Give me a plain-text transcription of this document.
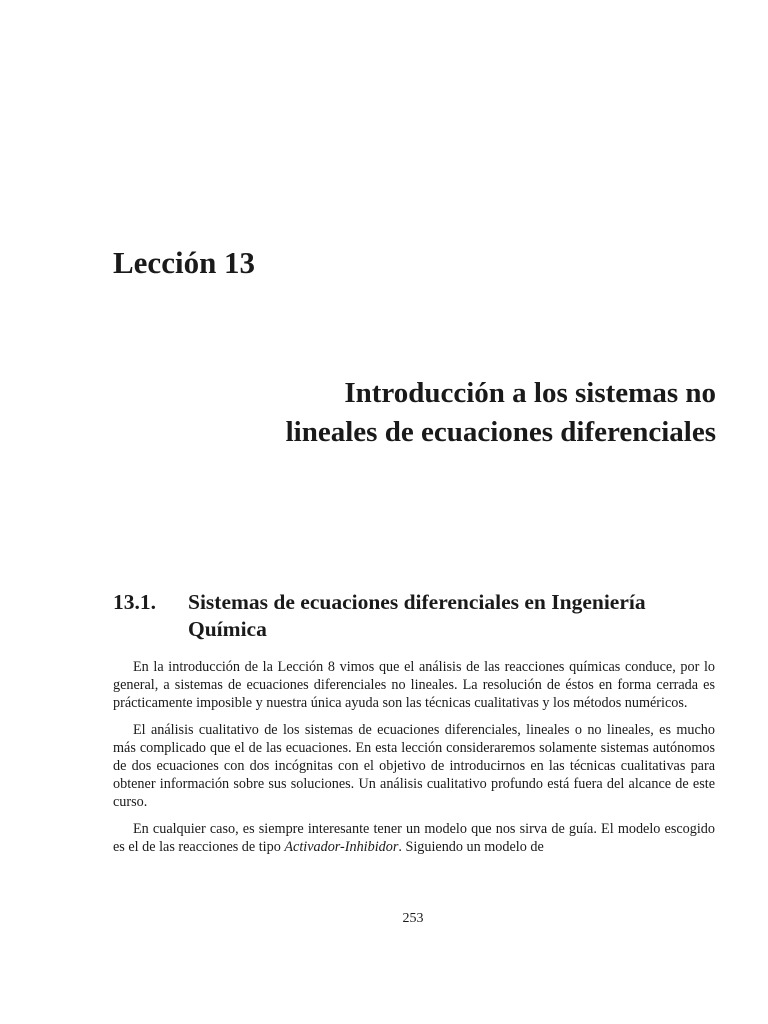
Lección 13
Introducción a los sistemas no
lineales de ecuaciones diferenciales
13.1. Sistemas de ecuaciones diferenciales en Ingeniería Química

En la introducción de la Lección 8 vimos que el análisis de las reacciones químicas conduce, por lo general, a sistemas de ecuaciones diferenciales no lineales. La resolución de éstos en forma cerrada es prácticamente imposible y nuestra única ayuda son las técnicas cualitativas y los métodos numéricos.

El análisis cualitativo de los sistemas de ecuaciones diferenciales, lineales o no lineales, es mucho más complicado que el de las ecuaciones. En esta lección consideraremos solamente sistemas autónomos de dos ecuaciones con dos incógnitas con el objetivo de introducirnos en las técnicas cualitativas para obtener información sobre sus soluciones. Un análisis cualitativo profundo está fuera del alcance de este curso.

En cualquier caso, es siempre interesante tener un modelo que nos sirva de guía. El modelo escogido es el de las reacciones de tipo Activador-Inhibidor. Siguiendo un modelo de

253
